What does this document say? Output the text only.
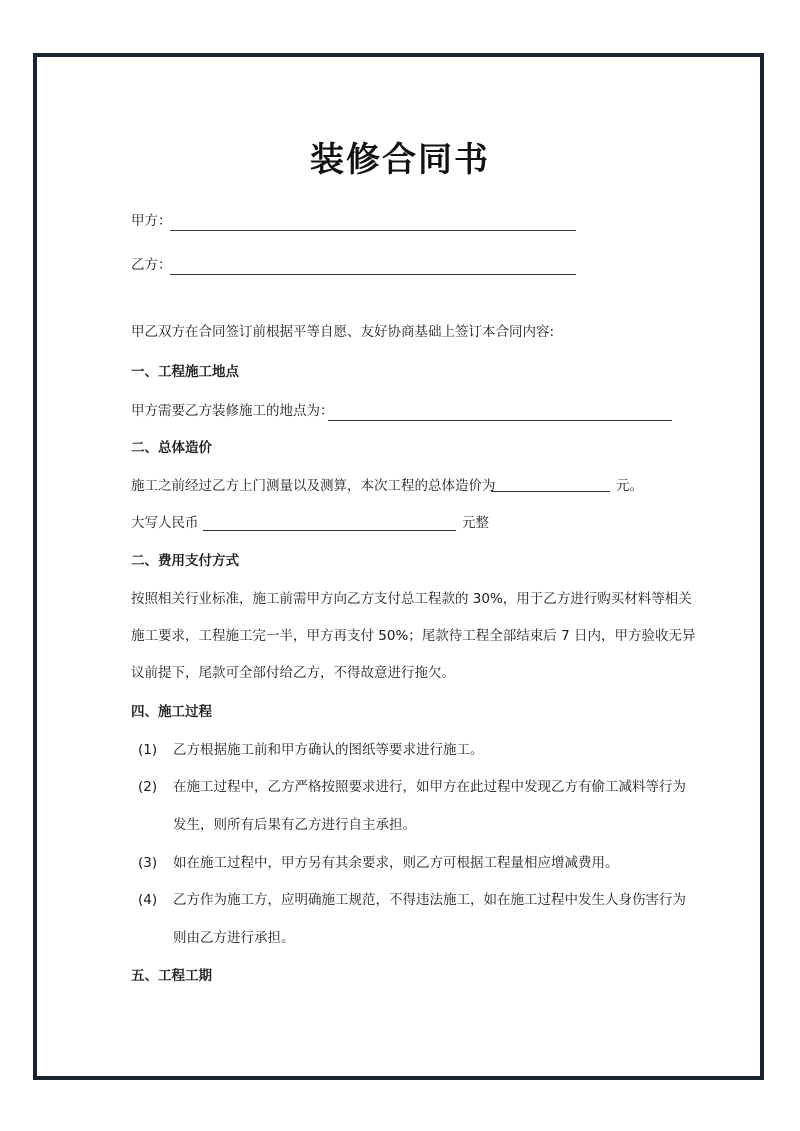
装修合同书
甲方：
乙方：
甲乙双方在合同签订前根据平等自愿、友好协商基础上签订本合同内容:
一、工程施工地点
甲方需要乙方装修施工的地点为：
二、总体造价
施工之前经过乙方上门测量以及测算，本次工程的总体造价为	元。
大写人民币	元整
二、费用支付方式
按照相关行业标准，施工前需甲方向乙方支付总工程款的 30%，用于乙方进行购买材料等相关
施工要求，工程施工完一半，甲方再支付 50%；尾款待工程全部结束后 7 日内，甲方验收无异
议前提下，尾款可全部付给乙方，不得故意进行拖欠。
四、施工过程
(1) 乙方根据施工前和甲方确认的图纸等要求进行施工。
(2) 在施工过程中，乙方严格按照要求进行，如甲方在此过程中发现乙方有偷工减料等行为
发生，则所有后果有乙方进行自主承担。
(3) 如在施工过程中，甲方另有其余要求，则乙方可根据工程量相应增减费用。
(4) 乙方作为施工方，应明确施工规范，不得违法施工，如在施工过程中发生人身伤害行为
则由乙方进行承担。
五、工程工期
